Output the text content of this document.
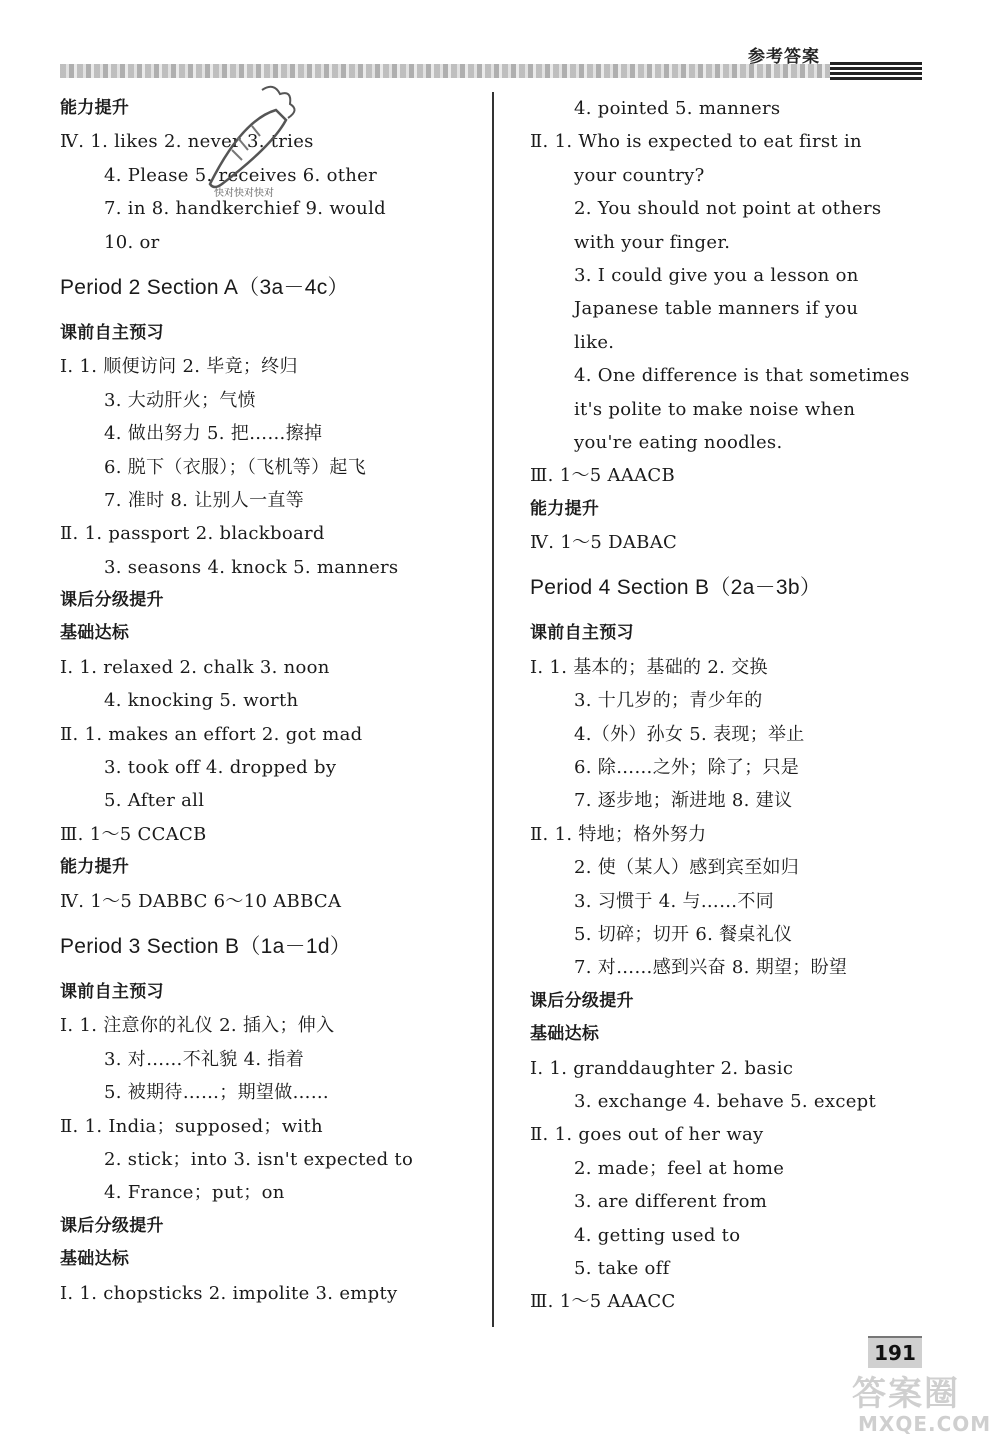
参考答案
能力提升
Ⅳ. 1. likes 2. never 3. tries
4. Please 5. receives 6. other
7. in 8. handkerchief 9. would
10. or
Period 2 Section A（3a－4c）
课前自主预习
Ⅰ. 1. 顺便访问 2. 毕竟；终归
3. 大动肝火；气愤
4. 做出努力 5. 把……擦掉
6. 脱下（衣服）；（飞机等）起飞
7. 准时 8. 让别人一直等
Ⅱ. 1. passport 2. blackboard
3. seasons 4. knock 5. manners
课后分级提升
基础达标
Ⅰ. 1. relaxed 2. chalk 3. noon
4. knocking 5. worth
Ⅱ. 1. makes an effort 2. got mad
3. took off 4. dropped by
5. After all
Ⅲ. 1～5 CCACB
能力提升
Ⅳ. 1～5 DABBC 6～10 ABBCA
Period 3 Section B（1a－1d）
课前自主预习
Ⅰ. 1. 注意你的礼仪 2. 插入；伸入
3. 对……不礼貌 4. 指着
5. 被期待……；期望做……
Ⅱ. 1. India；supposed；with
2. stick；into 3. isn't expected to
4. France；put；on
课后分级提升
基础达标
Ⅰ. 1. chopsticks 2. impolite 3. empty
4. pointed 5. manners
Ⅱ. 1. Who is expected to eat first in
your country?
2. You should not point at others
with your finger.
3. I could give you a lesson on
Japanese table manners if you
like.
4. One difference is that sometimes
it's polite to make noise when
you're eating noodles.
Ⅲ. 1～5 AAACB
能力提升
Ⅳ. 1～5 DABAC
Period 4 Section B（2a－3b）
课前自主预习
Ⅰ. 1. 基本的；基础的 2. 交换
3. 十几岁的；青少年的
4.（外）孙女 5. 表现；举止
6. 除……之外；除了；只是
7. 逐步地；渐进地 8. 建议
Ⅱ. 1. 特地；格外努力
2. 使（某人）感到宾至如归
3. 习惯于 4. 与……不同
5. 切碎；切开 6. 餐桌礼仪
7. 对……感到兴奋 8. 期望；盼望
课后分级提升
基础达标
Ⅰ. 1. granddaughter 2. basic
3. exchange 4. behave 5. except
Ⅱ. 1. goes out of her way
2. made；feel at home
3. are different from
4. getting used to
5. take off
Ⅲ. 1～5 AAACC
快对快对快对
191
答案圈
MXQE.COM
